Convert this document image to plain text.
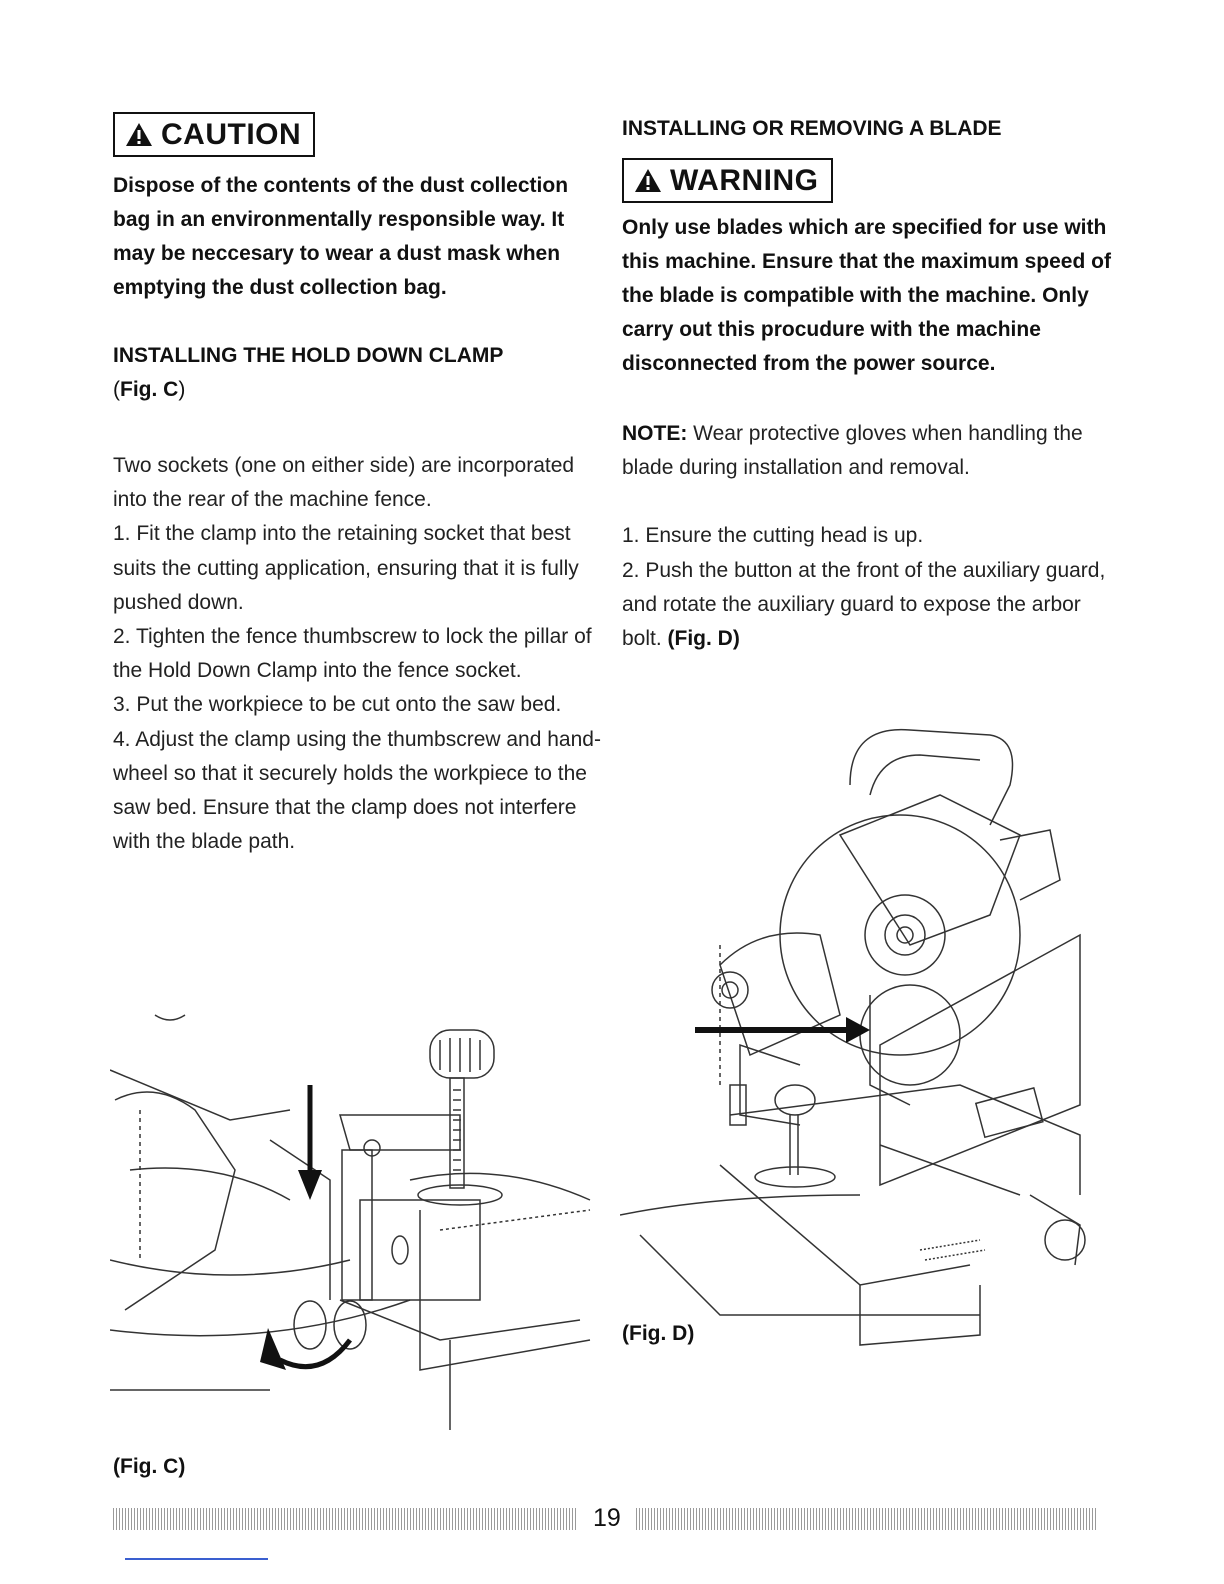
CAUTION

Dispose of the contents of the dust collection bag in an environmentally responsible way. It may be neccesary to wear a dust mask when emptying the dust collection bag.

INSTALLING THE HOLD DOWN CLAMP
(Fig. C)

Two sockets (one on either side) are incorporated into the rear of the machine fence.

1. Fit the clamp into the retaining socket that best suits the cutting application, ensuring that it is fully pushed down.

2. Tighten the fence thumbscrew to lock the pillar of the Hold Down Clamp into the fence socket.

3. Put the workpiece to be cut onto the saw bed.

4. Adjust the clamp using the thumbscrew and hand-wheel so that it securely holds the workpiece to the saw bed. Ensure that the clamp does not interfere with the blade path.

(Fig. C)

INSTALLING OR REMOVING A BLADE

WARNING

Only use blades which are specified for use with this machine. Ensure that the maximum speed of the blade is compatible with the machine. Only carry out this procudure with the machine disconnected from the power source.

NOTE: Wear protective gloves when handling the blade during installation and removal.

1. Ensure the cutting head is up.

2. Push the button at the front of the auxiliary guard, and rotate the auxiliary guard to expose the arbor bolt. (Fig. D)

(Fig. D)
19
